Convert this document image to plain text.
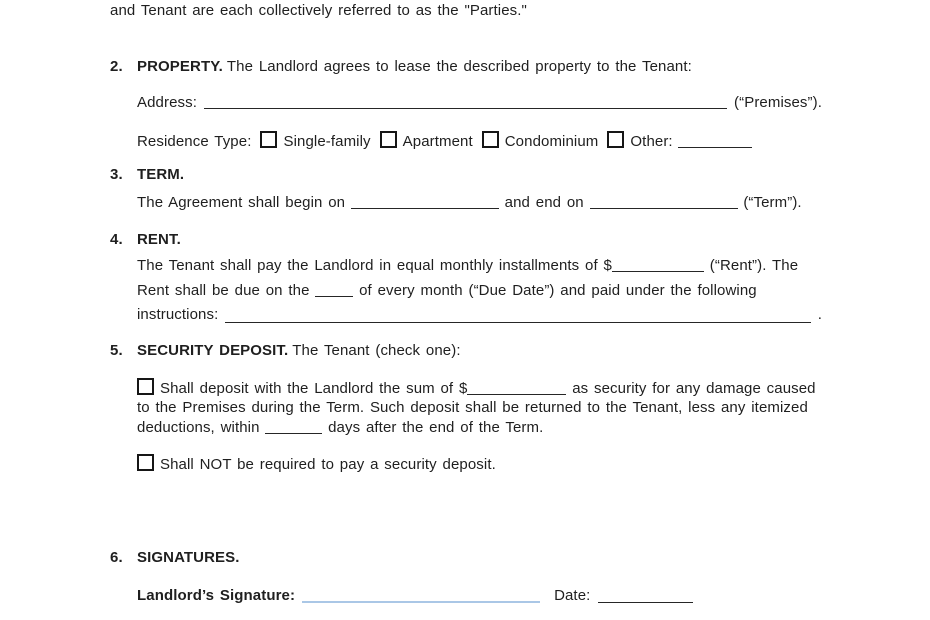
and Tenant are each collectively referred to as the "Parties."
2. PROPERTY. The Landlord agrees to lease the described property to the Tenant:
Address:	(“Premises”).
Residence Type: Single-family Apartment Condominium Other:
3. TERM.
The Agreement shall begin on	and end on	(“Term”).
4. RENT.
The Tenant shall pay the Landlord in equal monthly installments of $	(“Rent”). The
Rent shall be due on the	of every month (“Due Date”) and paid under the following
instructions:	.
5. SECURITY DEPOSIT. The Tenant (check one):
Shall deposit with the Landlord the sum of $	as security for any damage caused
to the Premises during the Term. Such deposit shall be returned to the Tenant, less any itemized
deductions, within	days after the end of the Term.
Shall NOT be required to pay a security deposit.
6. SIGNATURES.
Landlord’s Signature:	Date:
